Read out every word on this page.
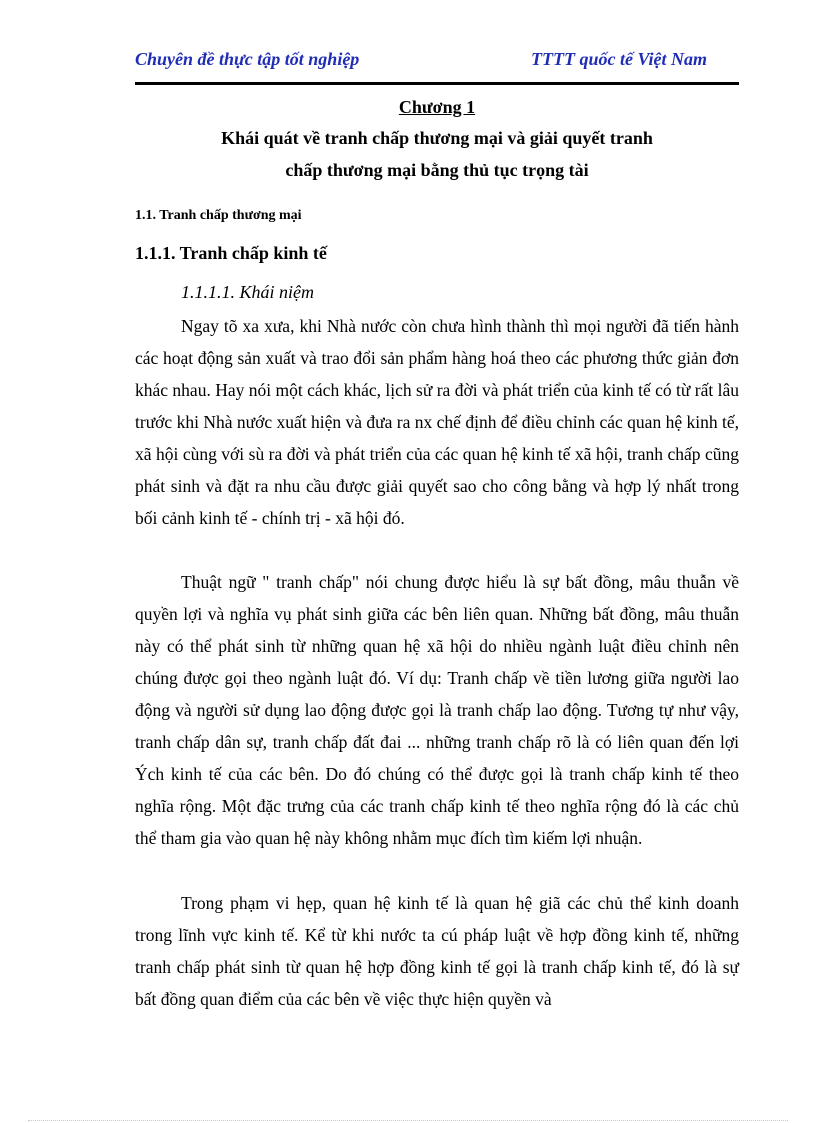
Chuyên đề thực tập tốt nghiệp	TTTT quốc tế Việt Nam
Chương 1
Khái quát về tranh chấp thương mại và giải quyết tranh
chấp thương mại bằng thủ tục trọng tài
1.1. Tranh chấp thương mại
1.1.1. Tranh chấp kinh tế
1.1.1.1. Khái niệm

Ngay tõ xa xưa, khi Nhà nước còn chưa hình thành thì mọi người đã tiến hành các hoạt động sản xuất và trao đổi sản phẩm hàng hoá theo các phương thức giản đơn khác nhau. Hay nói một cách khác, lịch sử ra đời và phát triển của kinh tế có từ rất lâu trước khi Nhà nước xuất hiện và đưa ra nx chế định để điều chỉnh các quan hệ kinh tế, xã hội cùng với sù ra đời và phát triển của các quan hệ kinh tế xã hội, tranh chấp cũng phát sinh và đặt ra nhu cầu được giải quyết sao cho công bằng và hợp lý nhất trong bối cảnh kinh tế - chính trị - xã hội đó.

Thuật ngữ " tranh chấp" nói chung được hiểu là sự bất đồng, mâu thuẫn về quyền lợi và nghĩa vụ phát sinh giữa các bên liên quan. Những bất đồng, mâu thuẫn này có thể phát sinh từ những quan hệ xã hội do nhiều ngành luật điều chỉnh nên chúng được gọi theo ngành luật đó. Ví dụ: Tranh chấp về tiền lương giữa người lao động và người sử dụng lao động được gọi là tranh chấp lao động. Tương tự như vậy, tranh chấp dân sự, tranh chấp đất đai ... những tranh chấp rõ là có liên quan đến lợi Ých kinh tế của các bên. Do đó chúng có thể được gọi là tranh chấp kinh tế theo nghĩa rộng. Một đặc trưng của các tranh chấp kinh tế theo nghĩa rộng đó là các chủ thể tham gia vào quan hệ này không nhằm mục đích tìm kiếm lợi nhuận.

Trong phạm vi hẹp, quan hệ kinh tế là quan hệ giã các chủ thể kinh doanh trong lĩnh vực kinh tế. Kể từ khi nước ta cú pháp luật về hợp đồng kinh tế, những tranh chấp phát sinh từ quan hệ hợp đồng kinh tế gọi là tranh chấp kinh tế, đó là sự bất đồng quan điểm của các bên về việc thực hiện quyền và
